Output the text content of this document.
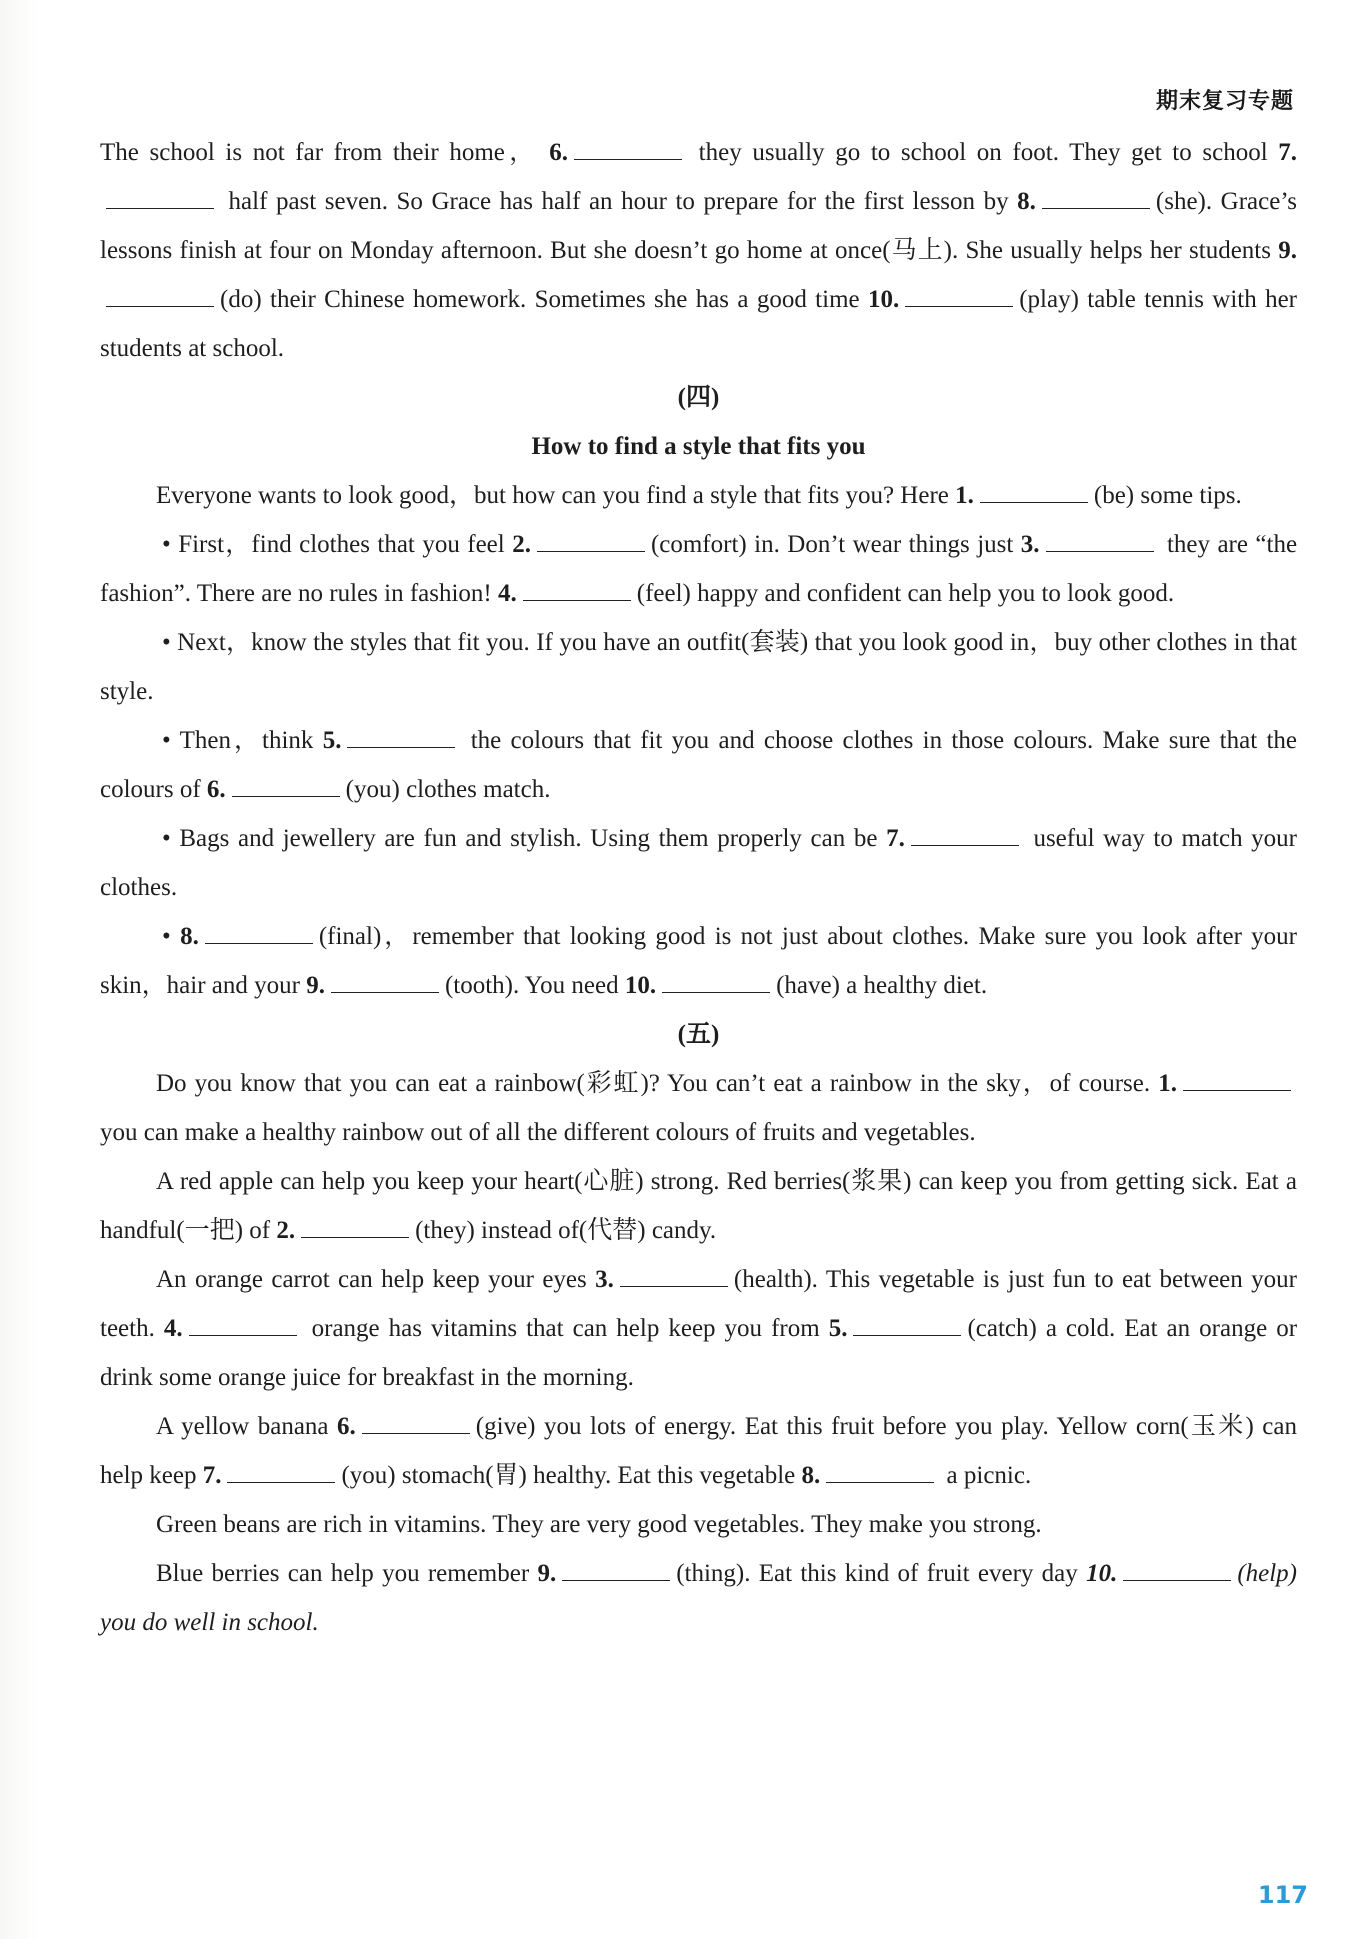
期末复习专题

The school is not far from their home， 6.	they usually go to school on foot. They get to school 7. half past seven. So Grace has half an hour to prepare for the first lesson by 8.	(she). Grace’s lessons finish at four on Monday afternoon. But she doesn’t go home at once(马上). She usually helps her students 9.(do) their Chinese homework. Sometimes she has a good time 10.	(play) table tennis with her students at school.

(四)

How to find a style that fits you

Everyone wants to look good，but how can you find a style that fits you? Here 1.	(be) some tips.

• First，find clothes that you feel 2.	(comfort) in. Don’t wear things just 3.	they are “the fashion”. There are no rules in fashion! 4.	(feel) happy and confident can help you to look good.

• Next，know the styles that fit you. If you have an outfit(套装) that you look good in，buy other clothes in that style.

• Then，think 5.	the colours that fit you and choose clothes in those colours. Make sure that the colours of 6.	(you) clothes match.

• Bags and jewellery are fun and stylish. Using them properly can be 7.	useful way to match your clothes.

• 8.	(final)，remember that looking good is not just about clothes. Make sure you look after your skin，hair and your 9.	(tooth). You need 10.	(have) a healthy diet.

(五)

Do you know that you can eat a rainbow(彩虹)? You can’t eat a rainbow in the sky，of course. 1. you can make a healthy rainbow out of all the different colours of fruits and vegetables.

A red apple can help you keep your heart(心脏) strong. Red berries(浆果) can keep you from getting sick. Eat a handful(一把) of 2.	(they) instead of(代替) candy.

An orange carrot can help keep your eyes 3.	(health). This vegetable is just fun to eat between your teeth. 4.	orange has vitamins that can help keep you from 5.	(catch) a cold. Eat an orange or drink some orange juice for breakfast in the morning.

A yellow banana 6.	(give) you lots of energy. Eat this fruit before you play. Yellow corn(玉米) can help keep 7.	(you) stomach(胃) healthy. Eat this vegetable 8.	a picnic.

Green beans are rich in vitamins. They are very good vegetables. They make you strong.

Blue berries can help you remember 9.	(thing). Eat this kind of fruit every day 10.	(help) you do well in school.

117
